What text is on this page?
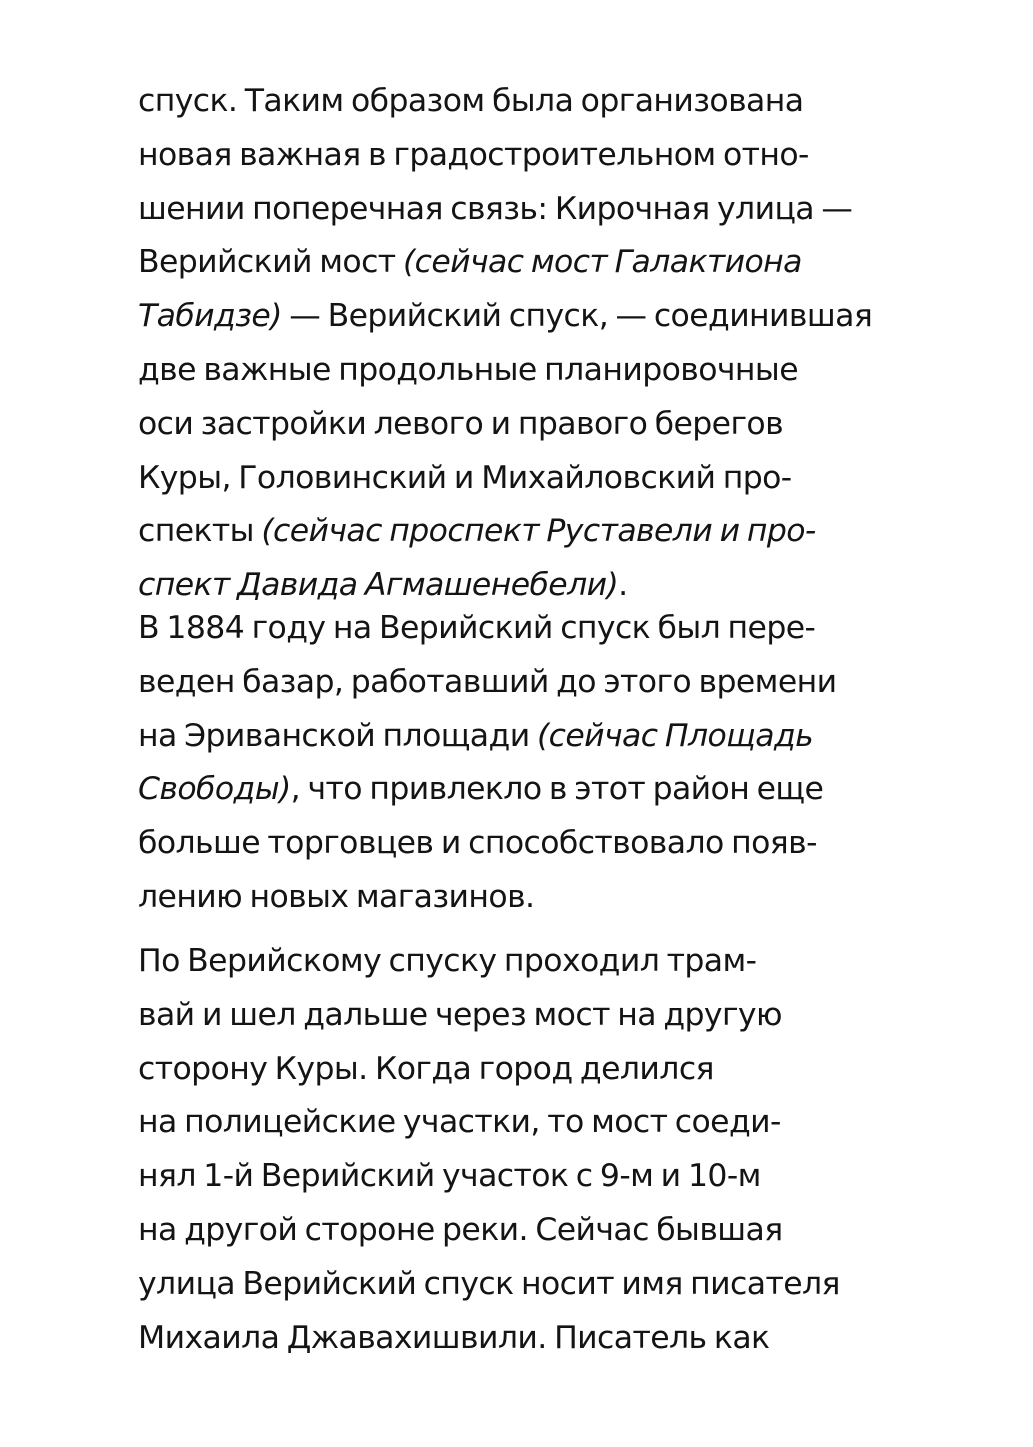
спуск. Таким образом была организована
новая важная в градостроительном отно-
шении поперечная связь: Кирочная улица —
Верийский мост (сейчас мост Галактиона
Табидзе) — Верийский спуск, — соединившая
две важные продольные планировочные
оси застройки левого и правого берегов
Куры, Головинский и Михайловский про-
спекты (сейчас проспект Руставели и про-
спект Давида Агмашенебели).
В 1884 году на Верийский спуск был пере-
веден базар, работавший до этого времени
на Эриванской площади (сейчас Площадь
Свободы), что привлекло в этот район еще
больше торговцев и способствовало появ-
лению новых магазинов.
По Верийскому спуску проходил трам-
вай и шел дальше через мост на другую
сторону Куры. Когда город делился
на полицейские участки, то мост соеди-
нял 1-й Верийский участок с 9-м и 10-м
на другой стороне реки. Сейчас бывшая
улица Верийский спуск носит имя писателя
Михаила Джавахишвили. Писатель как
